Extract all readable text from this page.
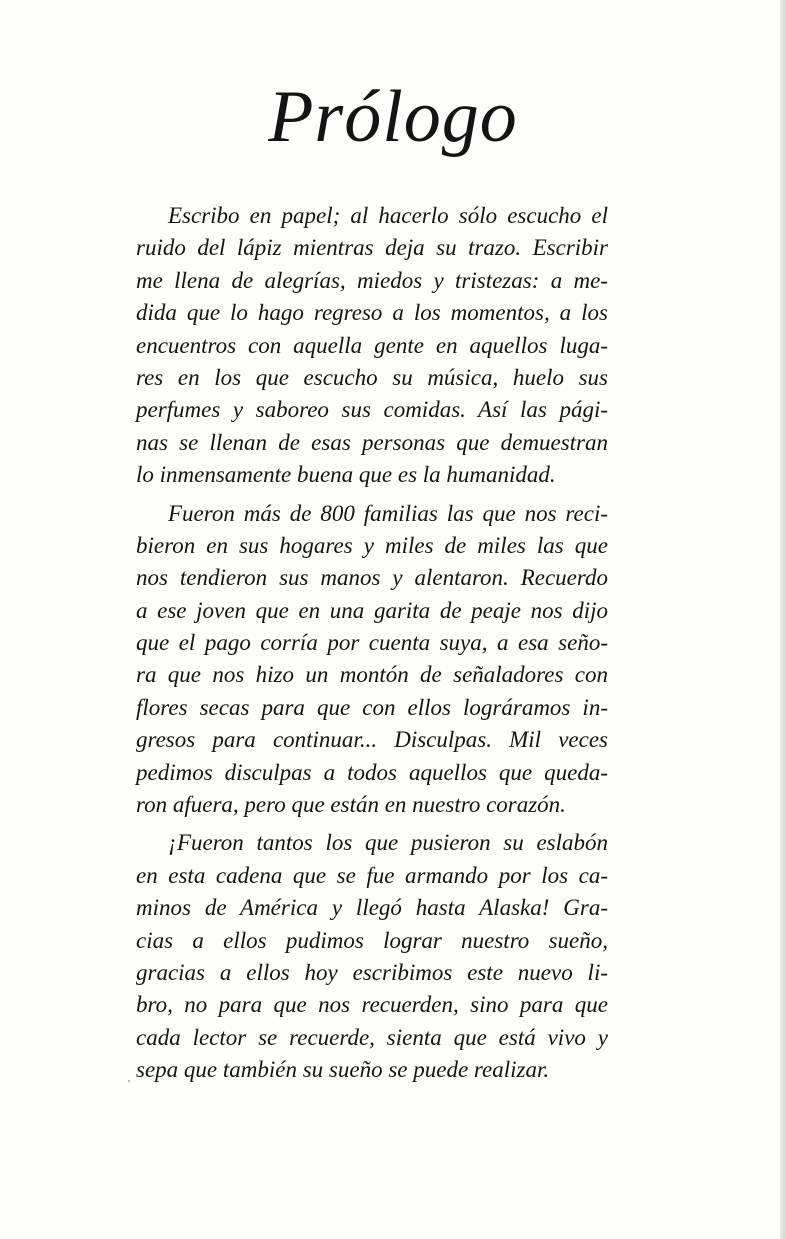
Prólogo

Escribo en papel; al hacerlo sólo escucho el
ruido del lápiz mientras deja su trazo. Escribir
me llena de alegrías, miedos y tristezas: a me-
dida que lo hago regreso a los momentos, a los
encuentros con aquella gente en aquellos luga-
res en los que escucho su música, huelo sus
perfumes y saboreo sus comidas. Así las pági-
nas se llenan de esas personas que demuestran
lo inmensamente buena que es la humanidad.

Fueron más de 800 familias las que nos reci-
bieron en sus hogares y miles de miles las que
nos tendieron sus manos y alentaron. Recuerdo
a ese joven que en una garita de peaje nos dijo
que el pago corría por cuenta suya, a esa seño-
ra que nos hizo un montón de señaladores con
flores secas para que con ellos lográramos in-
gresos para continuar... Disculpas. Mil veces
pedimos disculpas a todos aquellos que queda-
ron afuera, pero que están en nuestro corazón.

¡Fueron tantos los que pusieron su eslabón
en esta cadena que se fue armando por los ca-
minos de América y llegó hasta Alaska! Gra-
cias a ellos pudimos lograr nuestro sueño,
gracias a ellos hoy escribimos este nuevo li-
bro, no para que nos recuerden, sino para que
cada lector se recuerde, sienta que está vivo y
sepa que también su sueño se puede realizar.
